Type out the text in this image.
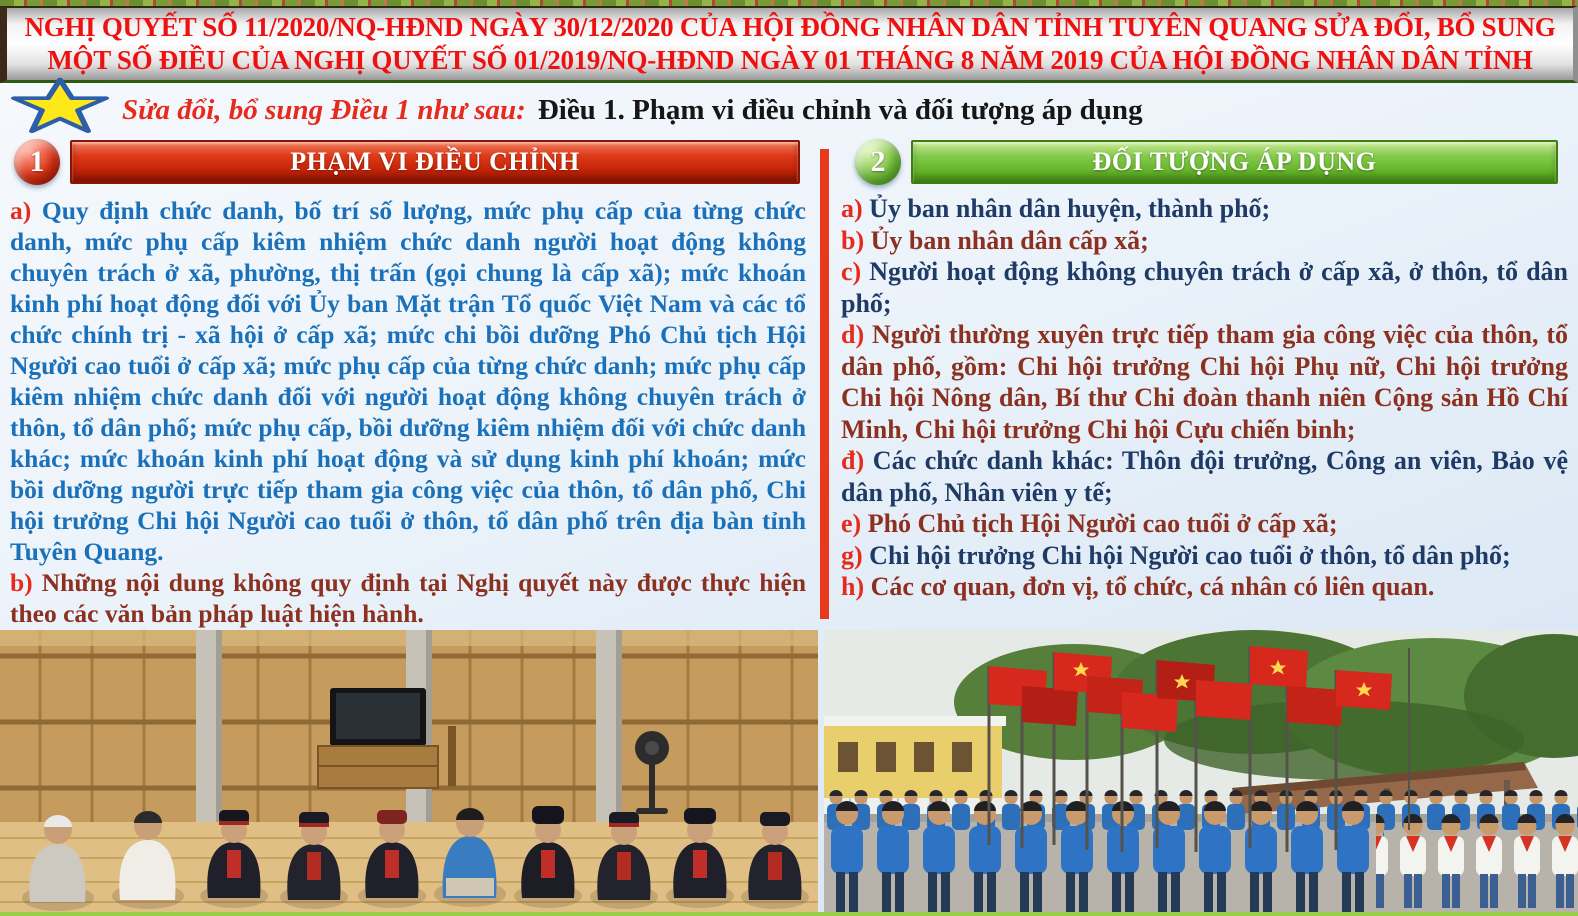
NGHỊ QUYẾT SỐ 11/2020/NQ-HĐND NGÀY 30/12/2020 CỦA HỘI ĐỒNG NHÂN DÂN TỈNH TUYÊN QUANG SỬA ĐỔI, BỔ SUNG
MỘT SỐ ĐIỀU CỦA NGHỊ QUYẾT SỐ 01/2019/NQ-HĐND NGÀY 01 THÁNG 8 NĂM 2019 CỦA HỘI ĐỒNG NHÂN DÂN TỈNH
Sửa đổi, bổ sung Điều 1 như sau: Điều 1. Phạm vi điều chỉnh và đối tượng áp dụng
1	PHẠM VI ĐIỀU CHỈNH

a) Quy định chức danh, bố trí số lượng, mức phụ cấp của từng chức danh, mức phụ cấp kiêm nhiệm chức danh người hoạt động không chuyên trách ở xã, phường, thị trấn (gọi chung là cấp xã); mức khoán kinh phí hoạt động đối với Ủy ban Mặt trận Tổ quốc Việt Nam và các tổ chức chính trị - xã hội ở cấp xã; mức chi bồi dưỡng Phó Chủ tịch Hội Người cao tuổi ở cấp xã; mức phụ cấp của từng chức danh; mức phụ cấp kiêm nhiệm chức danh đối với người hoạt động không chuyên trách ở thôn, tổ dân phố; mức phụ cấp, bồi dưỡng kiêm nhiệm đối với chức danh khác; mức khoán kinh phí hoạt động và sử dụng kinh phí khoán; mức bồi dưỡng người trực tiếp tham gia công việc của thôn, tổ dân phố, Chi hội trưởng Chi hội Người cao tuổi ở thôn, tổ dân phố trên địa bàn tỉnh Tuyên Quang.

b) Những nội dung không quy định tại Nghị quyết này được thực hiện theo các văn bản pháp luật hiện hành.

2	ĐỐI TƯỢNG ÁP DỤNG

a) Ủy ban nhân dân huyện, thành phố;

b) Ủy ban nhân dân cấp xã;

c) Người hoạt động không chuyên trách ở cấp xã, ở thôn, tổ dân phố;

d) Người thường xuyên trực tiếp tham gia công việc của thôn, tổ dân phố, gồm: Chi hội trưởng Chi hội Phụ nữ, Chi hội trưởng Chi hội Nông dân, Bí thư Chi đoàn thanh niên Cộng sản Hồ Chí Minh, Chi hội trưởng Chi hội Cựu chiến binh;

đ) Các chức danh khác: Thôn đội trưởng, Công an viên, Bảo vệ dân phố, Nhân viên y tế;

e) Phó Chủ tịch Hội Người cao tuổi ở cấp xã;

g) Chi hội trưởng Chi hội Người cao tuổi ở thôn, tổ dân phố;

h) Các cơ quan, đơn vị, tổ chức, cá nhân có liên quan.
